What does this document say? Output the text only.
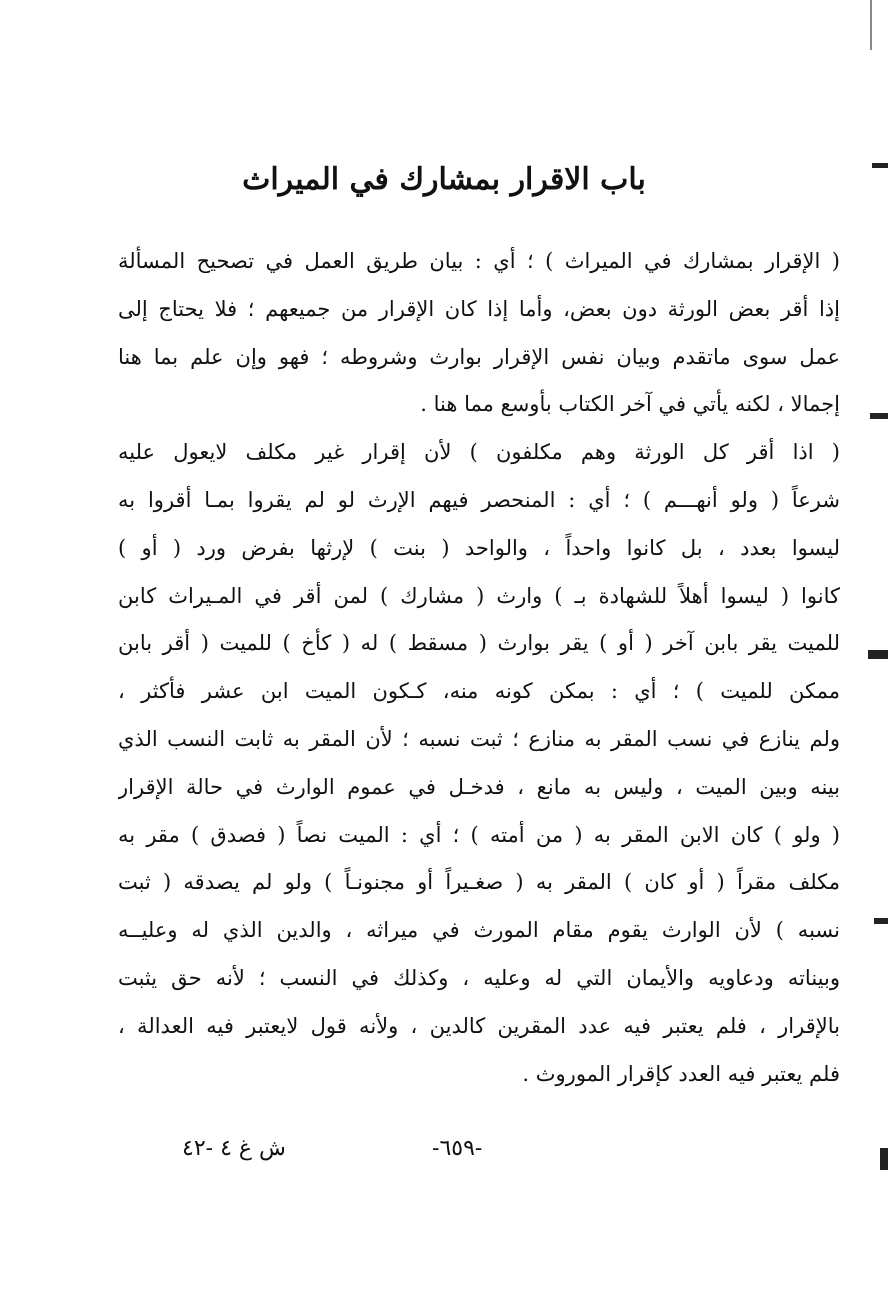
باب الاقرار بمشارك في الميراث
( الإقرار بمشارك في الميراث ) ؛ أي : بيان طريق العمل في تصحيح المسألة
إذا أقر بعض الورثة دون بعض، وأما إذا كان الإقرار من جميعهم ؛ فلا يحتاج إلى
عمل سوى ماتقدم وبيان نفس الإقرار بوارث وشروطه ؛ فهو وإن علم بما هنا
إجمالا ، لكنه يأتي في آخر الكتاب بأوسع مما هنا .
( اذا أقر كل الورثة وهم مكلفون ) لأن إقرار غير مكلف لايعول عليه
شرعاً ( ولو أنهـــم ) ؛ أي : المنحصر فيهم الإرث لو لم يقروا بمـا أقروا به
ليسوا بعدد ، بل كانوا واحداً ، والواحد ( بنت ) لإرثها بفرض ورد ( أو )
كانوا ( ليسوا أهلاً للشهادة بـ ) وارث ( مشارك ) لمن أقر في المـيراث كابن
للميت يقر بابن آخر ( أو ) يقر بوارث ( مسقط ) له ( كأخ ) للميت ( أقر بابن
ممكن للميت ) ؛ أي : بمكن كونه منه، كـكون الميت ابن عشر فأكثر ،
ولم ينازع في نسب المقر به منازع ؛ ثبت نسبه ؛ لأن المقر به ثابت النسب الذي
بينه وبين الميت ، وليس به مانع ، فدخـل في عموم الوارث في حالة الإقرار
( ولو ) كان الابن المقر به ( من أمته ) ؛ أي : الميت نصاً ( فصدق ) مقر به
مكلف مقراً ( أو كان ) المقر به ( صغـيراً أو مجنونـاً ) ولو لم يصدقه ( ثبت
نسبه ) لأن الوارث يقوم مقام المورث في ميراثه ، والدين الذي له وعليــه
وبيناته ودعاويه والأيمان التي له وعليه ، وكذلك في النسب ؛ لأنه حق يثبت
بالإقرار ، فلم يعتبر فيه عدد المقرين كالدين ، ولأنه قول لايعتبر فيه العدالة ،
فلم يعتبر فيه العدد كإقرار الموروث .
-٦٥٩-
ش غ ٤ -٤٢
